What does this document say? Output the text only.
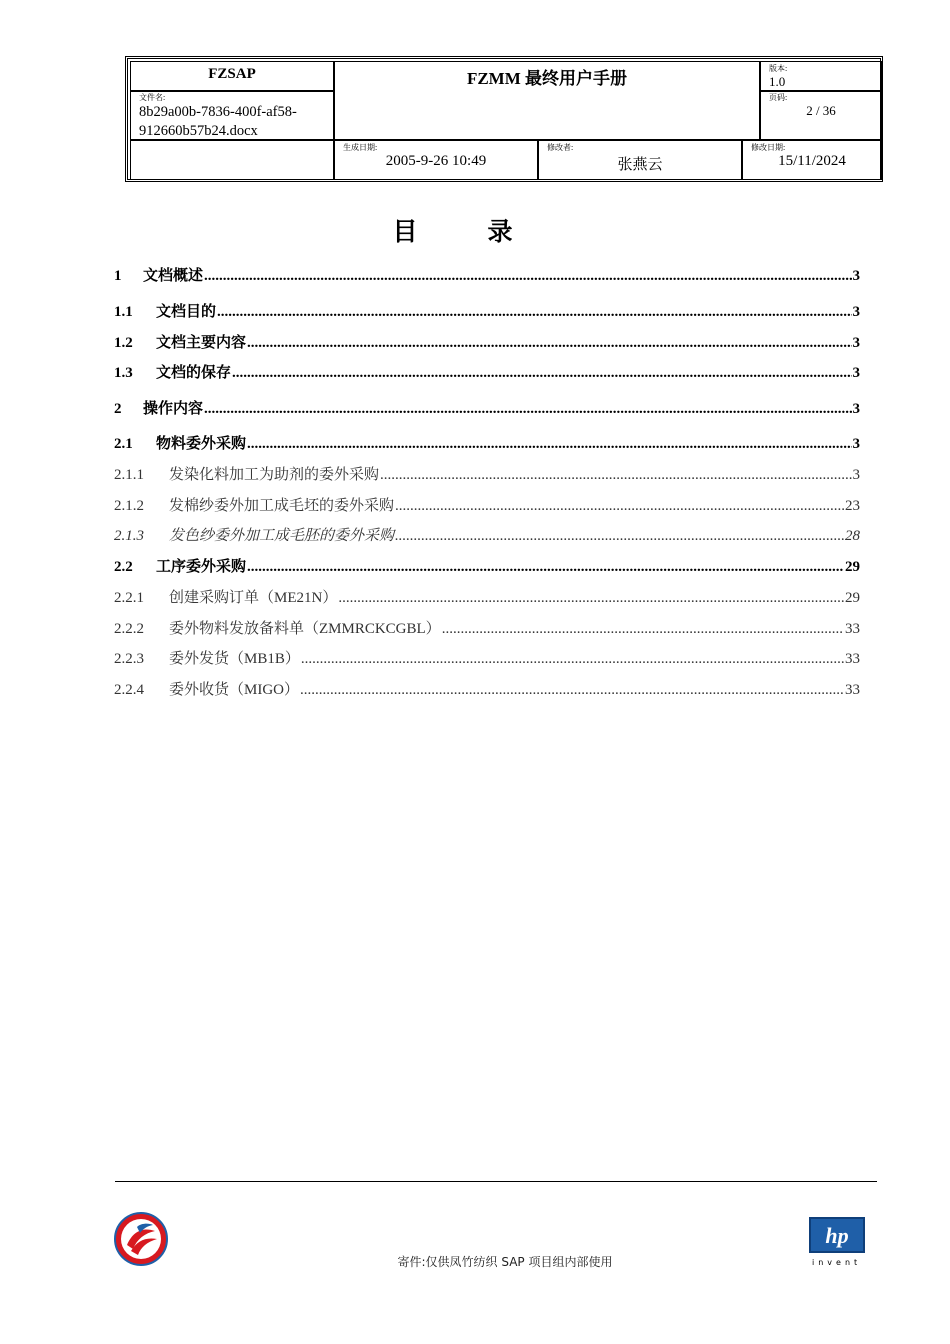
FZSAP
文件名:
8b29a00b-7836-400f-af58-
912660b57b24.docx
FZMM 最终用户手册
版本:
1.0
页码:
2 / 36
生成日期:
2005-9-26 10:49
修改者:
张燕云
修改日期:
15/11/2024
目录
1	文档概述 .....	3
1.1	文档目的 .....	3
1.2	文档主要内容 .....	3
1.3	文档的保存 .....	3
2	操作内容 .....	3
2.1	物料委外采购 .....	3
2.1.1	发染化料加工为助剂的委外采购 .....	3
2.1.2	发棉纱委外加工成毛坯的委外采购 .....	23
2.1.3	发色纱委外加工成毛胚的委外采购 .....	28
2.2	工序委外采购 .....	29
2.2.1	创建采购订单（ME21N） .....	29
2.2.2	委外物料发放备料单（ZMMRCKCGBL） .....	33
2.2.3	委外发货（MB1B） .....	33
2.2.4	委外收货（MIGO） .....	33
寄件:仅供凤竹纺织 SAP 项目组内部使用
hp
invent
